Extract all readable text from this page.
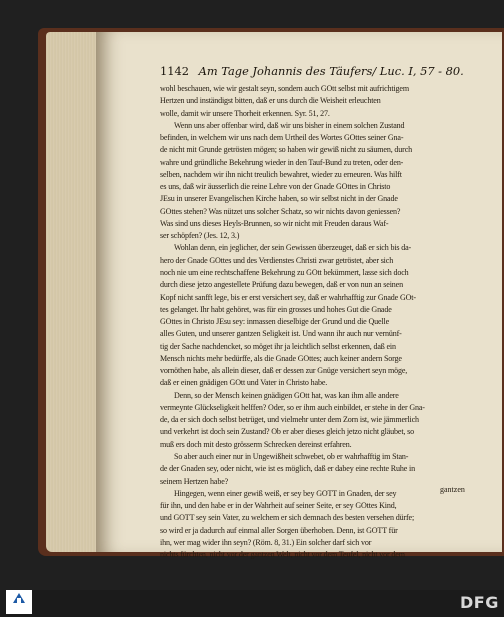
1142 Am Tage Johannis des Täufers/ Luc. I, 57 - 80.
wohl beschauen, wie wir gestalt seyn, sondern auch GOtt selbst mit aufrichtigem
Hertzen und inständigst bitten, daß er uns durch die Weisheit erleuchten
wolle, damit wir unsere Thorheit erkennen. Syr. 51, 27.
Wenn uns aber offenbar wird, daß wir uns bisher in einem solchen Zustand
befinden, in welchem wir uns nach dem Urtheil des Wortes GOttes seiner Gna-
de nicht mit Grunde getrösten mögen; so haben wir gewiß nicht zu säumen, durch
wahre und gründliche Bekehrung wieder in den Tauf-Bund zu treten, oder den-
selben, nachdem wir ihn nicht treulich bewahret, wieder zu erneuren. Was hilft
es uns, daß wir äusserlich die reine Lehre von der Gnade GOttes in Christo
JEsu in unserer Evangelischen Kirche haben, so wir selbst nicht in der Gnade
GOttes stehen? Was nützet uns solcher Schatz, so wir nichts davon geniessen?
Was sind uns dieses Heyls-Brunnen, so wir nicht mit Freuden daraus Waf-
ser schöpfen? (Jes. 12, 3.)
Wohlan denn, ein jeglicher, der sein Gewissen überzeuget, daß er sich bis da-
hero der Gnade GOttes und des Verdienstes Christi zwar getröstet, aber sich
noch nie um eine rechtschaffene Bekehrung zu GOtt bekümmert, lasse sich doch
durch diese jetzo angestellete Prüfung dazu bewegen, daß er von nun an seinen
Kopf nicht sanfft lege, bis er erst versichert sey, daß er wahrhafftig zur Gnade GOt-
tes gelanget. Ihr habt gehöret, was für ein grosses und hohes Gut die Gnade
GOttes in Christo JEsu sey: inmassen dieselbige der Grund und die Quelle
alles Guten, und unserer gantzen Seligkeit ist. Und wann ihr auch nur vernünf-
tig der Sache nachdencket, so möget ihr ja leichtlich selbst erkennen, daß ein
Mensch nichts mehr bedürffe, als die Gnade GOttes; auch keiner andern Sorge
vornöthen habe, als allein dieser, daß er dessen zur Gnüge versichert seyn möge,
daß er einen gnädigen GOtt und Vater in Christo habe.
Denn, so der Mensch keinen gnädigen GOtt hat, was kan ihm alle andere
vermeynte Glückseligkeit helffen? Oder, so er ihm auch einbildet, er stehe in der Gna-
de, da er sich doch selbst betrüget, und vielmehr unter dem Zorn ist, wie jämmerlich
und verkehrt ist doch sein Zustand? Ob er aber dieses gleich jetzo nicht gläubet, so
muß ers doch mit desto grösserm Schrecken dereinst erfahren.
So aber auch einer nur in Ungewißheit schwebet, ob er wahrhafftig im Stan-
de der Gnaden sey, oder nicht, wie ist es möglich, daß er dabey eine rechte Ruhe in
seinem Hertzen habe?
Hingegen, wenn einer gewiß weiß, er sey bey GOTT in Gnaden, der sey
für ihn, und den habe er in der Wahrheit auf seiner Seite, er sey GOttes Kind,
und GOTT sey sein Vater, zu welchem er sich demnach des besten versehen dürfe;
so wird er ja dadurch auf einmal aller Sorgen überhoben. Denn, ist GOTT für
ihn, wer mag wider ihn seyn? (Röm. 8, 31.) Ein solcher darf sich vor
nichts fürchten, nicht vor der gantzen Welt, nicht vor dem Teufel, nicht vor dem
gantzen
DFG
